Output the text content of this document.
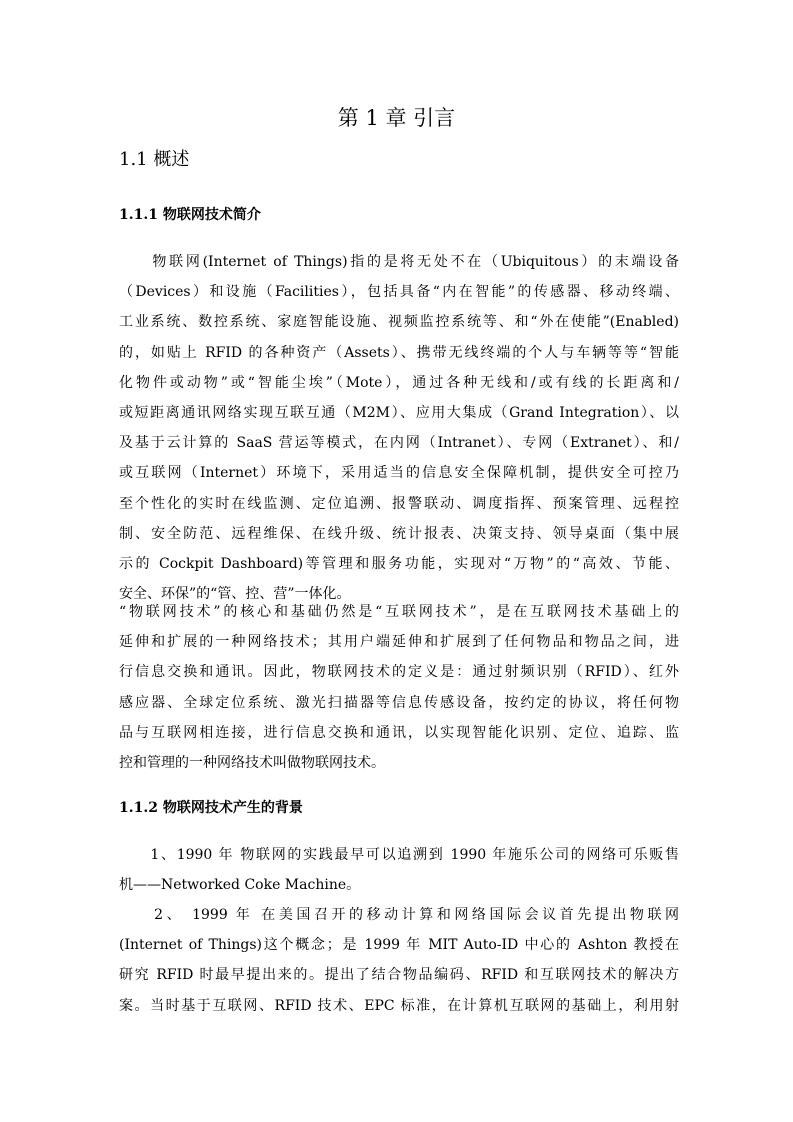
第 1 章 引言
1.1 概述
1.1.1 物联网技术简介
　　物联网(Internet of Things)指的是将无处不在（Ubiquitous）的末端设备
（Devices）和设施（Facilities），包括具备“内在智能”的传感器、移动终端、
工业系统、数控系统、家庭智能设施、视频监控系统等、和“外在使能”(Enabled)
的，如贴上 RFID 的各种资产（Assets）、携带无线终端的个人与车辆等等“智能
化物件或动物”或“智能尘埃”（Mote），通过各种无线和/或有线的长距离和/
或短距离通讯网络实现互联互通（M2M）、应用大集成（Grand Integration）、以
及基于云计算的 SaaS 营运等模式，在内网（Intranet）、专网（Extranet）、和/
或互联网（Internet）环境下，采用适当的信息安全保障机制，提供安全可控乃
至个性化的实时在线监测、定位追溯、报警联动、调度指挥、预案管理、远程控
制、安全防范、远程维保、在线升级、统计报表、决策支持、领导桌面（集中展
示的 Cockpit Dashboard)等管理和服务功能，实现对“万物”的“高效、节能、
安全、环保”的“管、控、营”一体化。
“物联网技术”的核心和基础仍然是“互联网技术”，是在互联网技术基础上的
延伸和扩展的一种网络技术；其用户端延伸和扩展到了任何物品和物品之间，进
行信息交换和通讯。因此，物联网技术的定义是：通过射频识别（RFID）、红外
感应器、全球定位系统、激光扫描器等信息传感设备，按约定的协议，将任何物
品与互联网相连接，进行信息交换和通讯，以实现智能化识别、定位、追踪、监
控和管理的一种网络技术叫做物联网技术。
1.1.2 物联网技术产生的背景
　　1、1990 年 物联网的实践最早可以追溯到 1990 年施乐公司的网络可乐贩售
机——Networked Coke Machine。
　　2、 1999 年 在美国召开的移动计算和网络国际会议首先提出物联网
(Internet of Things)这个概念；是 1999 年 MIT Auto-ID 中心的 Ashton 教授在
研究 RFID 时最早提出来的。提出了结合物品编码、RFID 和互联网技术的解决方
案。当时基于互联网、RFID 技术、EPC 标准，在计算机互联网的基础上，利用射
